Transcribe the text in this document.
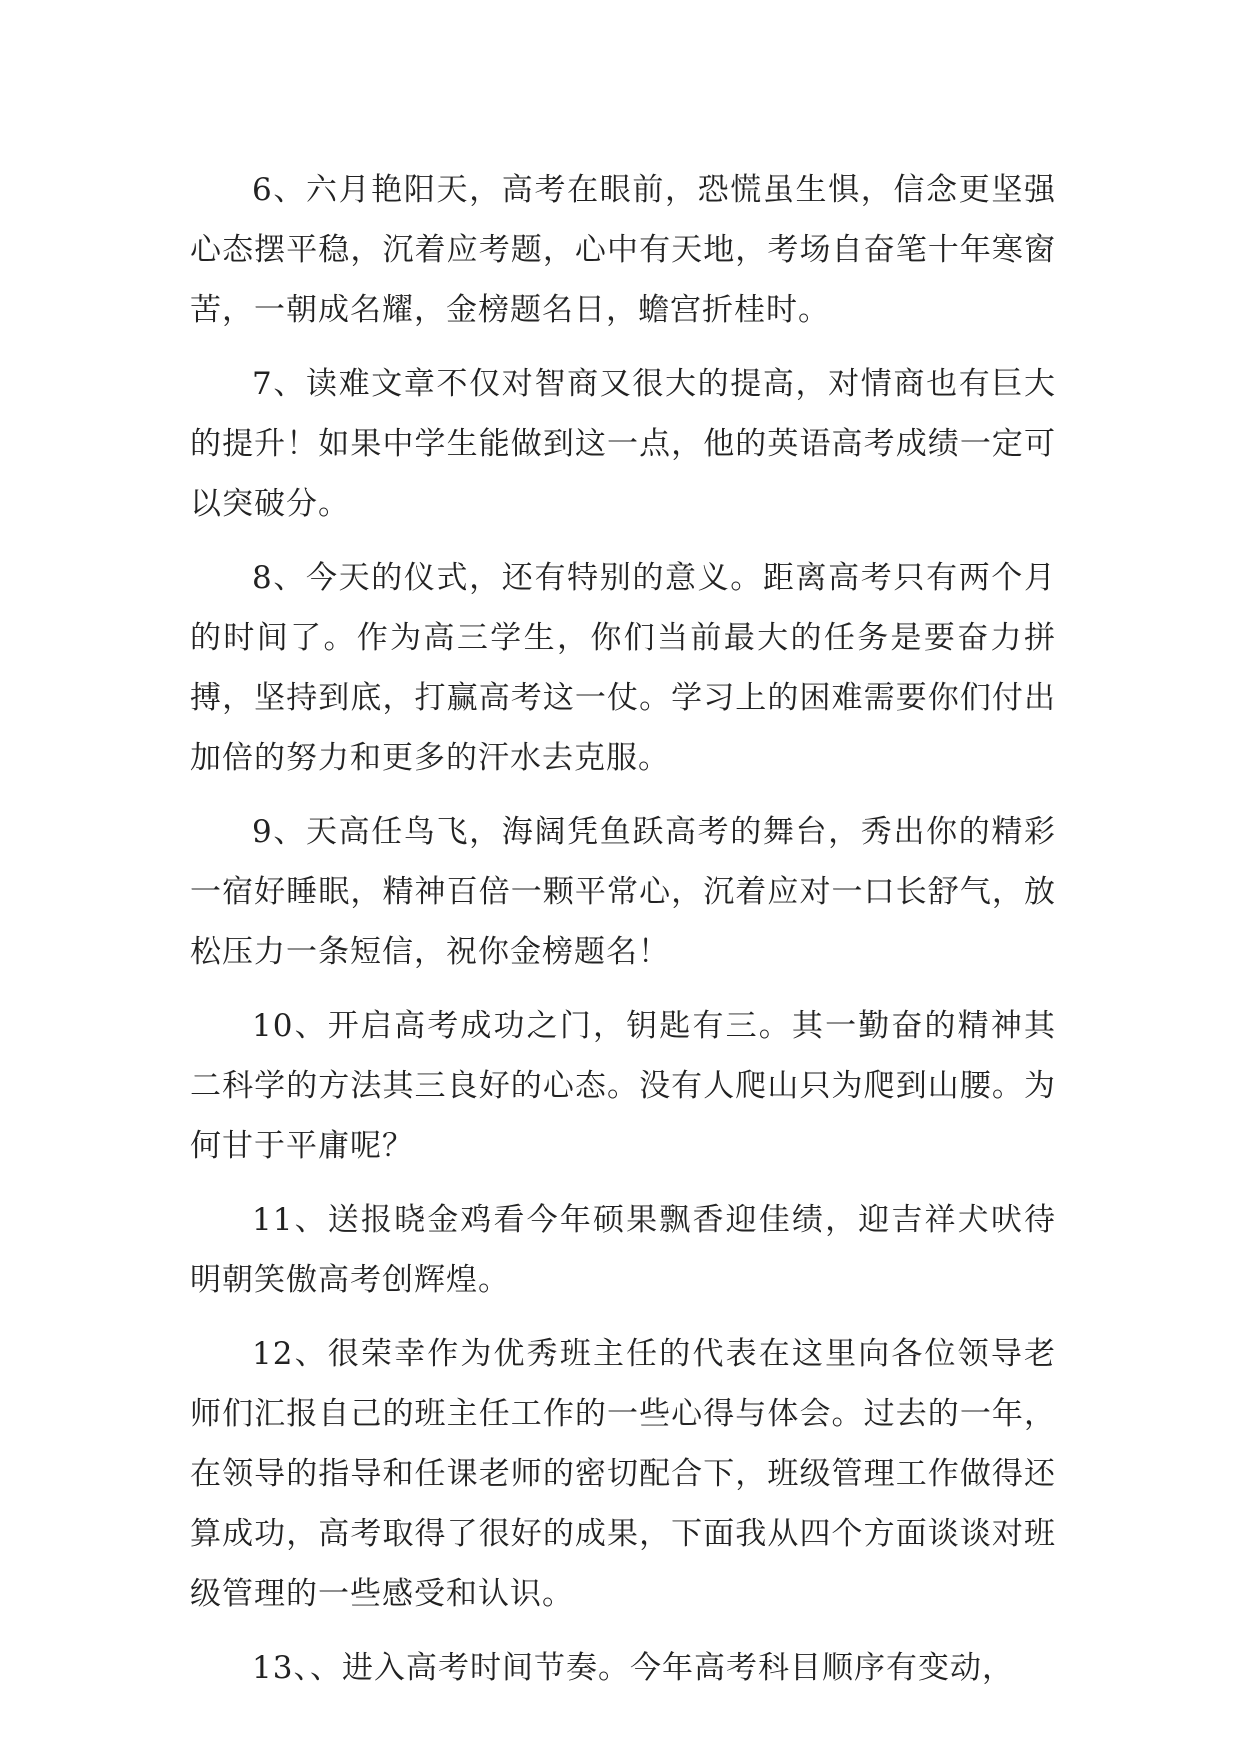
6、六月艳阳天，高考在眼前，恐慌虽生惧，信念更坚强心态摆平稳，沉着应考题，心中有天地，考场自奋笔十年寒窗苦，一朝成名耀，金榜题名日，蟾宫折桂时。

7、读难文章不仅对智商又很大的提高，对情商也有巨大的提升！如果中学生能做到这一点，他的英语高考成绩一定可以突破分。

8、今天的仪式，还有特别的意义。距离高考只有两个月的时间了。作为高三学生，你们当前最大的任务是要奋力拼搏，坚持到底，打赢高考这一仗。学习上的困难需要你们付出加倍的努力和更多的汗水去克服。

9、天高任鸟飞，海阔凭鱼跃高考的舞台，秀出你的精彩一宿好睡眠，精神百倍一颗平常心，沉着应对一口长舒气，放松压力一条短信，祝你金榜题名！

10、开启高考成功之门，钥匙有三。其一勤奋的精神其二科学的方法其三良好的心态。没有人爬山只为爬到山腰。为何甘于平庸呢？

11、送报晓金鸡看今年硕果飘香迎佳绩，迎吉祥犬吠待明朝笑傲高考创辉煌。

12、很荣幸作为优秀班主任的代表在这里向各位领导老师们汇报自己的班主任工作的一些心得与体会。过去的一年，在领导的指导和任课老师的密切配合下，班级管理工作做得还算成功，高考取得了很好的成果，下面我从四个方面谈谈对班级管理的一些感受和认识。

13、、进入高考时间节奏。今年高考科目顺序有变动，
